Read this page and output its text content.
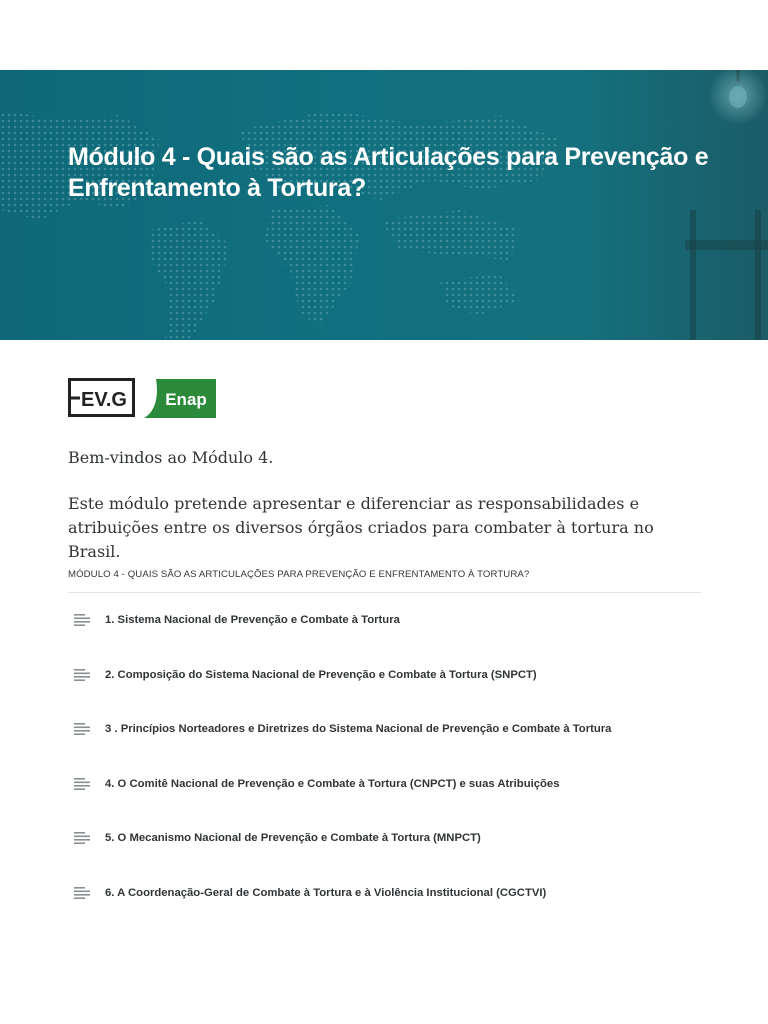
Módulo 4 - Quais são as Articulações para Prevenção e Enfrentamento à Tortura?
EV.G Enap

Bem-vindos ao Módulo 4.

Este módulo pretende apresentar e diferenciar as responsabilidades e atribuições entre os diversos órgãos criados para combater à tortura no Brasil.

MÓDULO 4 - QUAIS SÃO AS ARTICULAÇÕES PARA PREVENÇÃO E ENFRENTAMENTO À TORTURA?
1. Sistema Nacional de Prevenção e Combate à Tortura
2. Composição do Sistema Nacional de Prevenção e Combate à Tortura (SNPCT)
3 . Princípios Norteadores e Diretrizes do Sistema Nacional de Prevenção e Combate à Tortura
4. O Comitê Nacional de Prevenção e Combate à Tortura (CNPCT) e suas Atribuições
5. O Mecanismo Nacional de Prevenção e Combate à Tortura (MNPCT)
6. A Coordenação-Geral de Combate à Tortura e à Violência Institucional (CGCTVI)
